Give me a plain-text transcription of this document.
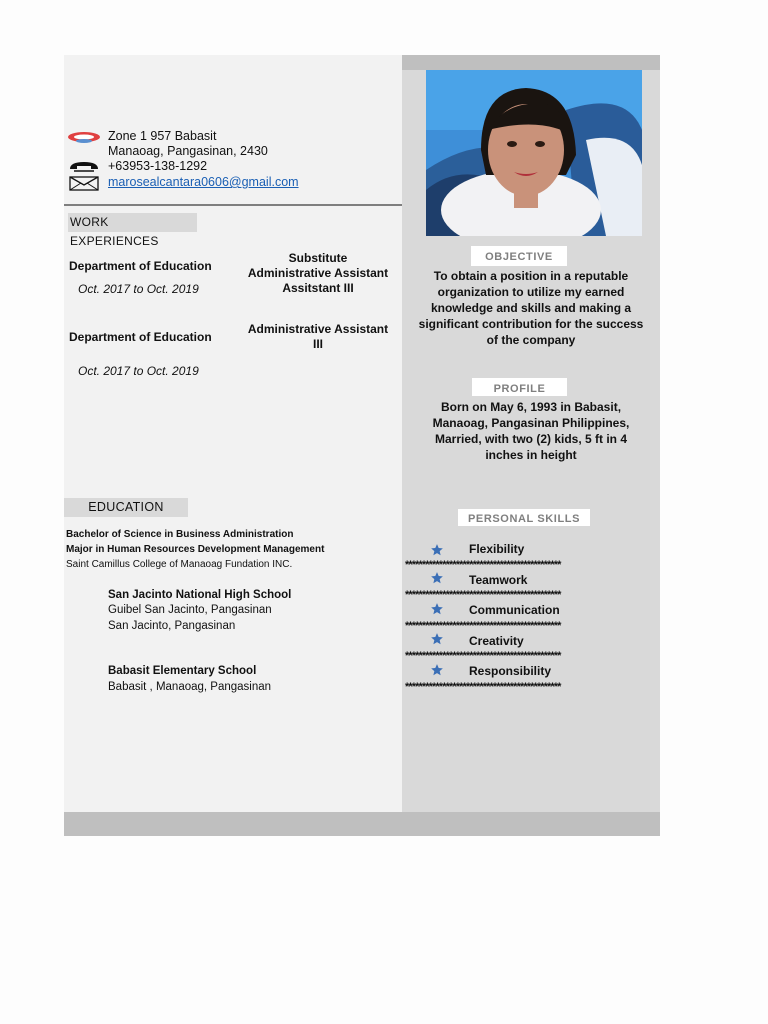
Zone 1 957 Babasit
Manaoag, Pangasinan, 2430
+63953-138-1292
marosealcantara0606@gmail.com
WORK EXPERIENCES
Department of Education
Oct. 2017 to Oct. 2019
Substitute
Administrative Assistant
Assitstant III
Department of Education
Oct. 2017 to Oct. 2019
Administrative Assistant
III
EDUCATION
Bachelor of Science in Business Administration
Major in Human Resources Development Management
Saint Camillus College of Manaoag Fundation INC.
San Jacinto National High School
Guibel San Jacinto, Pangasinan
San Jacinto, Pangasinan
Babasit Elementary School
Babasit , Manaoag, Pangasinan
OBJECTIVE
To obtain a position in a reputable
organization to utilize my earned
knowledge and skills and making a
significant contribution for the success
of the company
PROFILE
Born on May 6, 1993 in Babasit,
Manaoag, Pangasinan Philippines,
Married, with two (2) kids, 5 ft in 4
inches in height
PERSONAL SKILLS
Flexibility
**********************************************
Teamwork
**********************************************
Communication
**********************************************
Creativity
**********************************************
Responsibility
**********************************************
